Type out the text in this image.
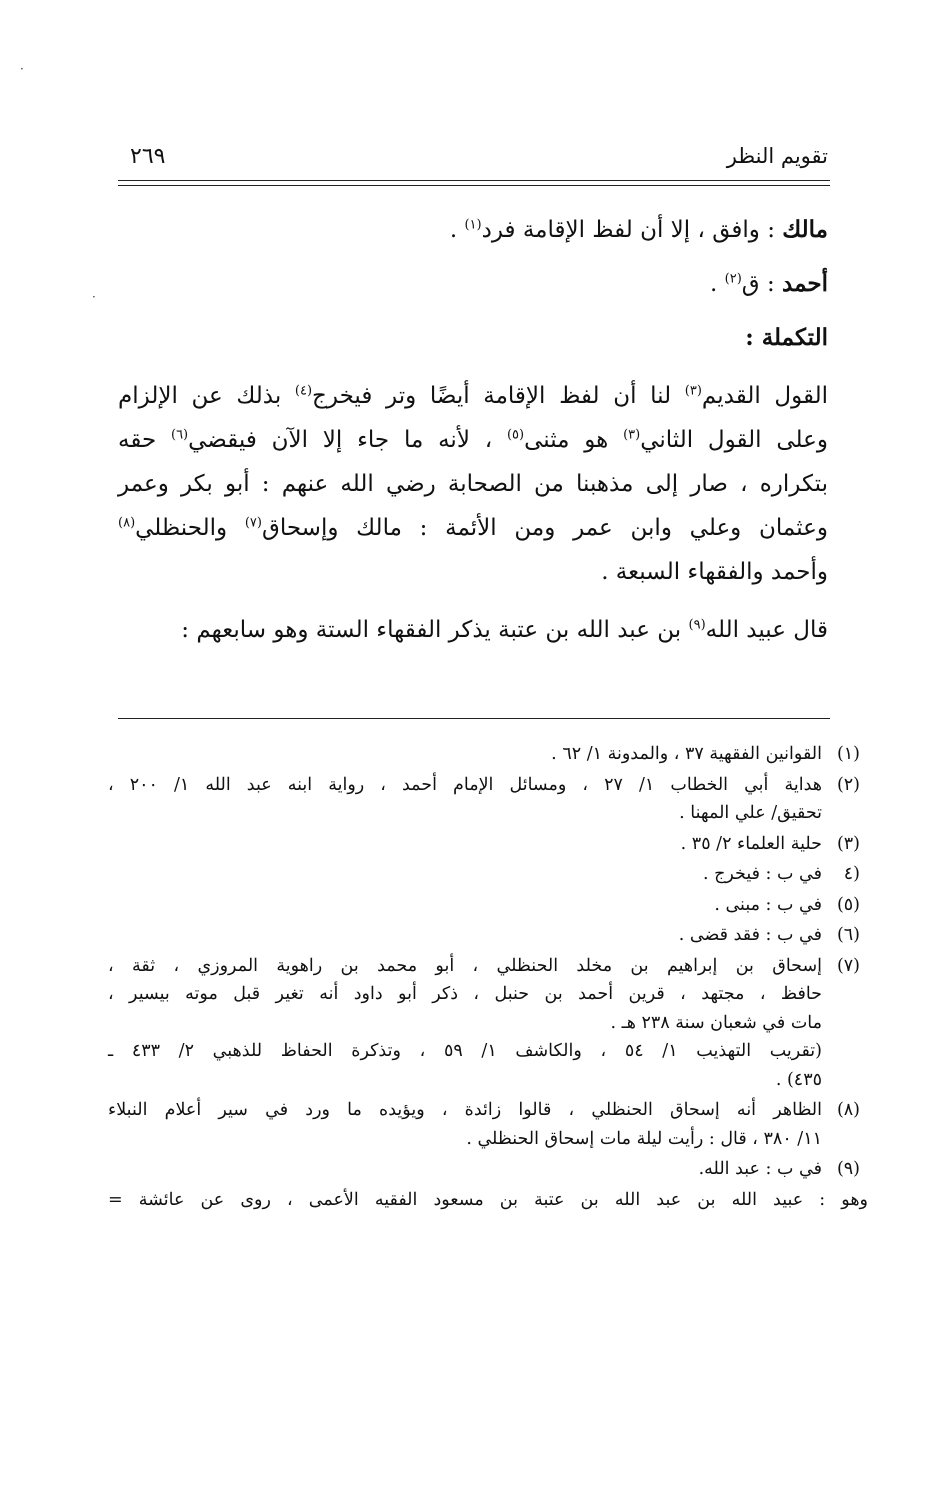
·
·
٢٦٩	تقويم النظر
مالك : وافق ، إلا أن لفظ الإقامة فرد$^{(١)}$ .
أحمد : ق$^{(٢)}$ .
التكملة :
القول القديم$^{(٣)}$ لنا أن لفظ الإقامة أيضًا وتر فيخرج$^{(٤)}$ بذلك عن الإلزام
وعلى القول الثاني$^{(٣)}$ هو مثنى$^{(٥)}$ ، لأنه ما جاء إلا الآن فيقضي$^{(٦)}$ حقه
بتكراره ، صار إلى مذهبنا من الصحابة رضي الله عنهم : أبو بكر وعمر
وعثمان وعلي وابن عمر ومن الأئمة : مالك وإسحاق$^{(٧)}$ والحنظلي$^{(٨)}$
وأحمد والفقهاء السبعة .
قال عبيد الله$^{(٩)}$ بن عبد الله بن عتبة يذكر الفقهاء الستة وهو سابعهم :
(١)
القوانين الفقهية ٣٧ ، والمدونة ١/ ٦٢ .
(٢)
هداية أبي الخطاب ١/ ٢٧ ، ومسائل الإمام أحمد ، رواية ابنه عبد الله ١/ ٢٠٠ ،
تحقيق/ علي المهنا .
(٣)
حلية العلماء ٢/ ٣٥ .
(٤
في ب : فيخرج .
(٥)
في ب : مبنى .
(٦)
في ب : فقد قضى .
(٧)
إسحاق بن إبراهيم بن مخلد الحنظلي ، أبو محمد بن راهوية المروزي ، ثقة ،
حافظ ، مجتهد ، قرين أحمد بن حنبل ، ذكر أبو داود أنه تغير قبل موته بيسير ،
مات في شعبان سنة ٢٣٨ هـ .
(تقريب التهذيب ١/ ٥٤ ، والكاشف ١/ ٥٩ ، وتذكرة الحفاظ للذهبي ٢/ ٤٣٣ ـ
٤٣٥) .
(٨)
الظاهر أنه إسحاق الحنظلي ، قالوا زائدة ، ويؤيده ما ورد في سير أعلام النبلاء
١١/ ٣٨٠ ، قال : رأيت ليلة مات إسحاق الحنظلي .
(٩)
في ب : عبد الله.
وهو : عبيد الله بن عبد الله بن عتبة بن مسعود الفقيه الأعمى ، روى عن عائشة =
